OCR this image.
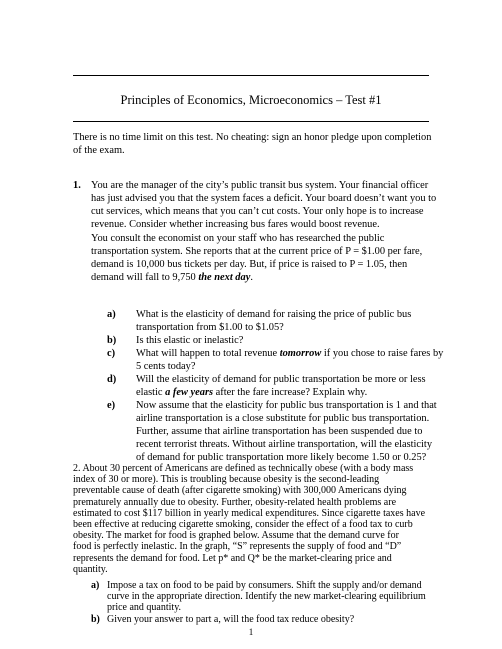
Principles of Economics, Microeconomics – Test #1
There is no time limit on this test. No cheating: sign an honor pledge upon completion
of the exam.
1. You are the manager of the city’s public transit bus system. Your financial officer
has just advised you that the system faces a deficit. Your board doesn’t want you to
cut services, which means that you can’t cut costs. Your only hope is to increase
revenue. Consider whether increasing bus fares would boost revenue.
You consult the economist on your staff who has researched the public
transportation system. She reports that at the current price of P = $1.00 per fare,
demand is 10,000 bus tickets per day. But, if price is raised to P = 1.05, then
demand will fall to 9,750 the next day.
a) What is the elasticity of demand for raising the price of public bus
transportation from $1.00 to $1.05?
b) Is this elastic or inelastic?
c) What will happen to total revenue tomorrow if you chose to raise fares by
5 cents today?
d) Will the elasticity of demand for public transportation be more or less
elastic a few years after the fare increase? Explain why.
e) Now assume that the elasticity for public bus transportation is 1 and that
airline transportation is a close substitute for public bus transportation.
Further, assume that airline transportation has been suspended due to
recent terrorist threats. Without airline transportation, will the elasticity
of demand for public transportation more likely become 1.50 or 0.25?
2. About 30 percent of Americans are defined as technically obese (with a body mass
index of 30 or more). This is troubling because obesity is the second-leading
preventable cause of death (after cigarette smoking) with 300,000 Americans dying
prematurely annually due to obesity. Further, obesity-related health problems are
estimated to cost $117 billion in yearly medical expenditures. Since cigarette taxes have
been effective at reducing cigarette smoking, consider the effect of a food tax to curb
obesity. The market for food is graphed below. Assume that the demand curve for
food is perfectly inelastic. In the graph, “S” represents the supply of food and “D”
represents the demand for food. Let p* and Q* be the market-clearing price and
quantity.
a) Impose a tax on food to be paid by consumers. Shift the supply and/or demand
1
curve in the appropriate direction. Identify the new market-clearing equilibrium
price and quantity.
b) Given your answer to part a, will the food tax reduce obesity?
